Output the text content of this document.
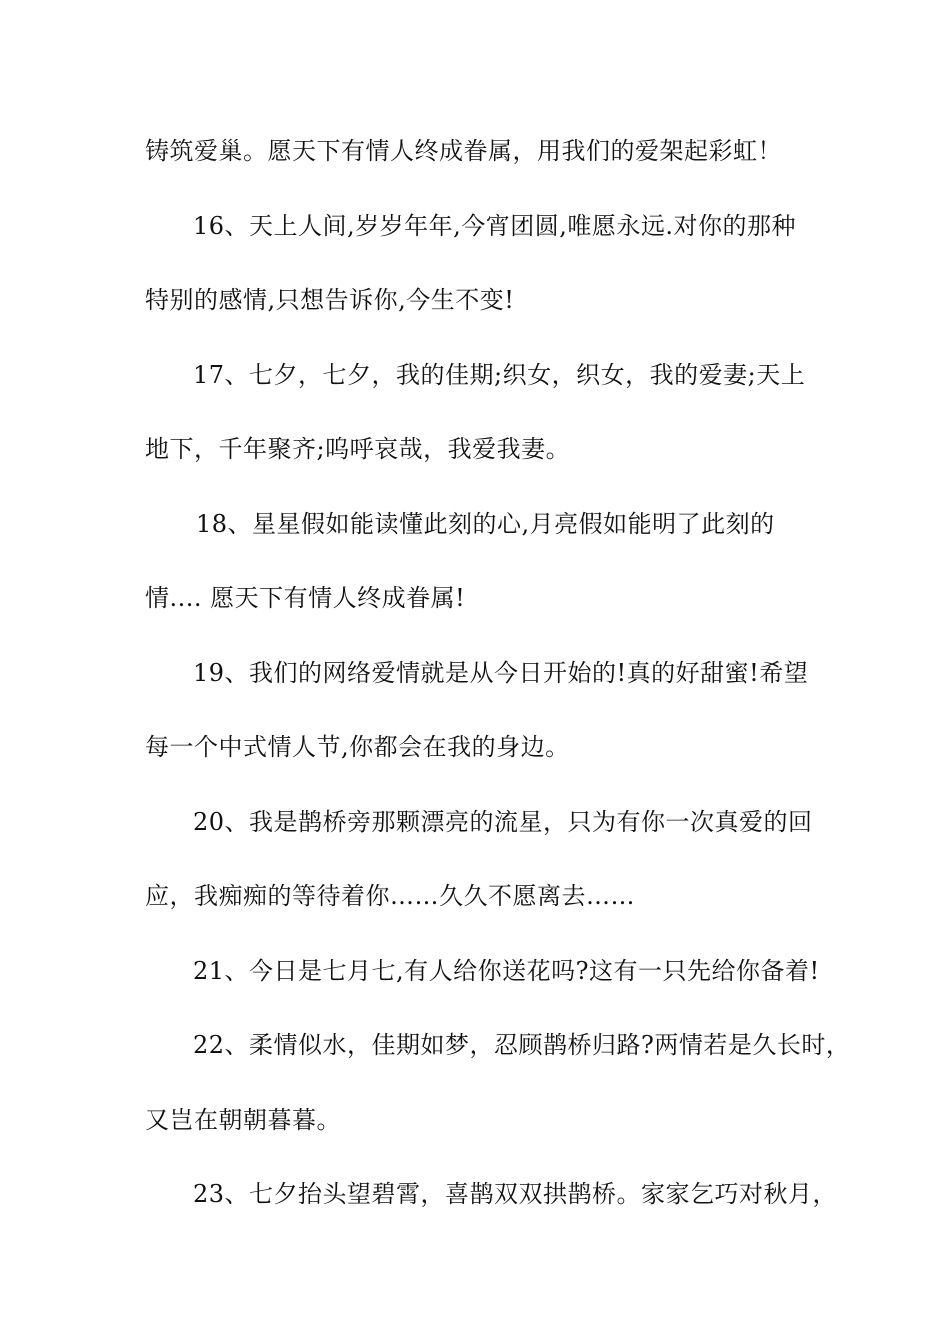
铸筑爱巢。愿天下有情人终成眷属，用我们的爱架起彩虹！
16、天上人间,岁岁年年,今宵团圆,唯愿永远.对你的那种
特别的感情,只想告诉你,今生不变!
17、七夕，七夕，我的佳期;织女，织女，我的爱妻;天上
地下，千年聚齐;呜呼哀哉，我爱我妻。
18、星星假如能读懂此刻的心,月亮假如能明了此刻的
情.... 愿天下有情人终成眷属!
19、我们的网络爱情就是从今日开始的!真的好甜蜜!希望
每一个中式情人节,你都会在我的身边。
20、我是鹊桥旁那颗漂亮的流星，只为有你一次真爱的回
应，我痴痴的等待着你……久久不愿离去……
21、今日是七月七,有人给你送花吗?这有一只先给你备着!
22、柔情似水，佳期如梦，忍顾鹊桥归路?两情若是久长时，
又岂在朝朝暮暮。
23、七夕抬头望碧霄，喜鹊双双拱鹊桥。家家乞巧对秋月，
